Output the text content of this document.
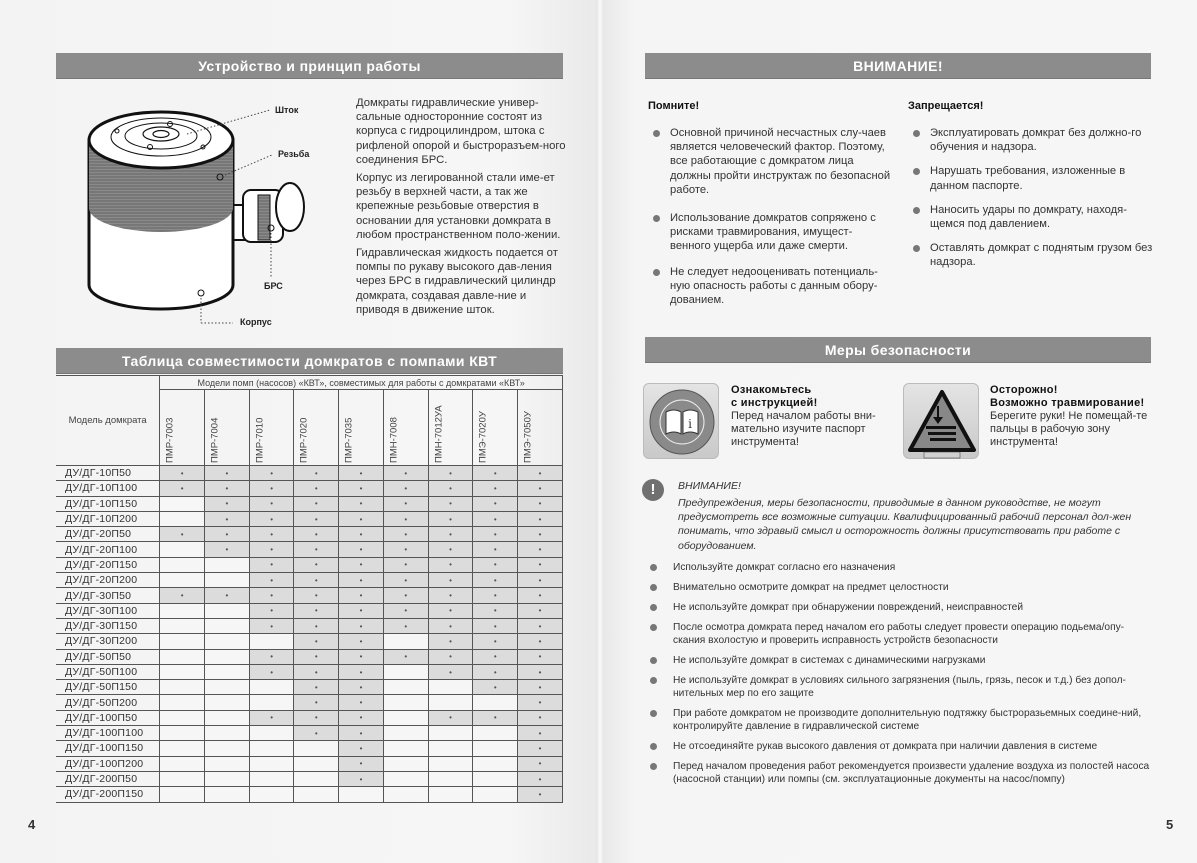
Устройство и принцип работы
Шток
Резьба
БРС
Корпус

Домкраты гидравлические универ-сальные односторонние состоят из корпуса с гидроцилиндром, штока с рифленой опорой и быстроразъем-ного соединения БРС.

Корпус из легированной стали име-ет резьбу в верхней части, а так же крепежные резьбовые отверстия в основании для установки домкрата в любом пространственном поло-жении.

Гидравлическая жидкость подается от помпы по рукаву высокого дав-ления через БРС в гидравлический цилиндр домкрата, создавая давле-ние и приводя в движение шток.

Таблица совместимости домкратов с помпами КВТ
Модель домкрата	Модели помп (насосов) «КВТ», совместимых для работы с домкратами «КВТ»								

	ПМР-7003	ПМР-7004	ПМР-7010	ПМР-7020	ПМР-7035	ПМН-7008	ПМН-7012УА	ПМЭ-7020У	ПМЭ-7050У

ДУ/ДГ-10П50	•	•	•	•	•	•	•	•	•
ДУ/ДГ-10П100	•	•	•	•	•	•	•	•	•
ДУ/ДГ-10П150		•	•	•	•	•	•	•	•
ДУ/ДГ-10П200		•	•	•	•	•	•	•	•
ДУ/ДГ-20П50	•	•	•	•	•	•	•	•	•
ДУ/ДГ-20П100		•	•	•	•	•	•	•	•
ДУ/ДГ-20П150			•	•	•	•	•	•	•
ДУ/ДГ-20П200			•	•	•	•	•	•	•
ДУ/ДГ-30П50	•	•	•	•	•	•	•	•	•
ДУ/ДГ-30П100			•	•	•	•	•	•	•
ДУ/ДГ-30П150			•	•	•	•	•	•	•
ДУ/ДГ-30П200				•	•		•	•	•
ДУ/ДГ-50П50			•	•	•	•	•	•	•
ДУ/ДГ-50П100			•	•	•		•	•	•
ДУ/ДГ-50П150				•	•			•	•
ДУ/ДГ-50П200				•	•				•
ДУ/ДГ-100П50			•	•	•		•	•	•
ДУ/ДГ-100П100				•	•				•
ДУ/ДГ-100П150					•				•
ДУ/ДГ-100П200					•				•
ДУ/ДГ-200П50					•				•
ДУ/ДГ-200П150									•
4
ВНИМАНИЕ!
Помните!
Основной причиной несчастных слу-чаев является человеческий фактор. Поэтому, все работающие с домкратом лица должны пройти инструктаж по безопасной работе.
Использование домкратов сопряжено с рисками травмирования, имущест-венного ущерба или даже смерти.
Не следует недооценивать потенциаль-ную опасность работы с данным обору-дованием.
Запрещается!
Эксплуатировать домкрат без должно-го обучения и надзора.
Нарушать требования, изложенные в данном паспорте.
Наносить удары по домкрату, находя-щемся под давлением.
Оставлять домкрат с поднятым грузом без надзора.
Меры безопасности
i
Ознакомьтесь
с инструкцией!
Перед началом работы вни-мательно изучите паспорт инструмента!
Осторожно!
Возможно травмирование!
Берегите руки! Не помещай-те пальцы в рабочую зону инструмента!
!	ВНИМАНИЕ!
Предупреждения, меры безопасности, приводимые в данном руководстве, не могут предусмотреть все возможные ситуации. Квалифицированный рабочий персонал дол-жен понимать, что здравый смысл и осторожность должны присутствовать при работе с оборудованием.
Используйте домкрат согласно его назначения
Внимательно осмотрите домкрат на предмет целостности
Не используйте домкрат при обнаружении повреждений, неисправностей
После осмотра домкрата перед началом его работы следует провести операцию подьема/опу-скания вхолостую и проверить исправность устройств безопасности
Не используйте домкрат в системах с динамическими нагрузками
Не используйте домкрат в условиях сильного загрязнения (пыль, грязь, песок и т.д.) без допол-нительных мер по его защите
При работе домкратом не производите дополнительную подтяжку быстроразьемных соедине-ний, контролируйте давление в гидравлической системе
Не отсоединяйте рукав высокого давления от домкрата при наличии давления в системе
Перед началом проведения работ рекомендуется произвести удаление воздуха из полостей насоса (насосной станции) или помпы (см. эксплуатационные документы на насос/помпу)
5
